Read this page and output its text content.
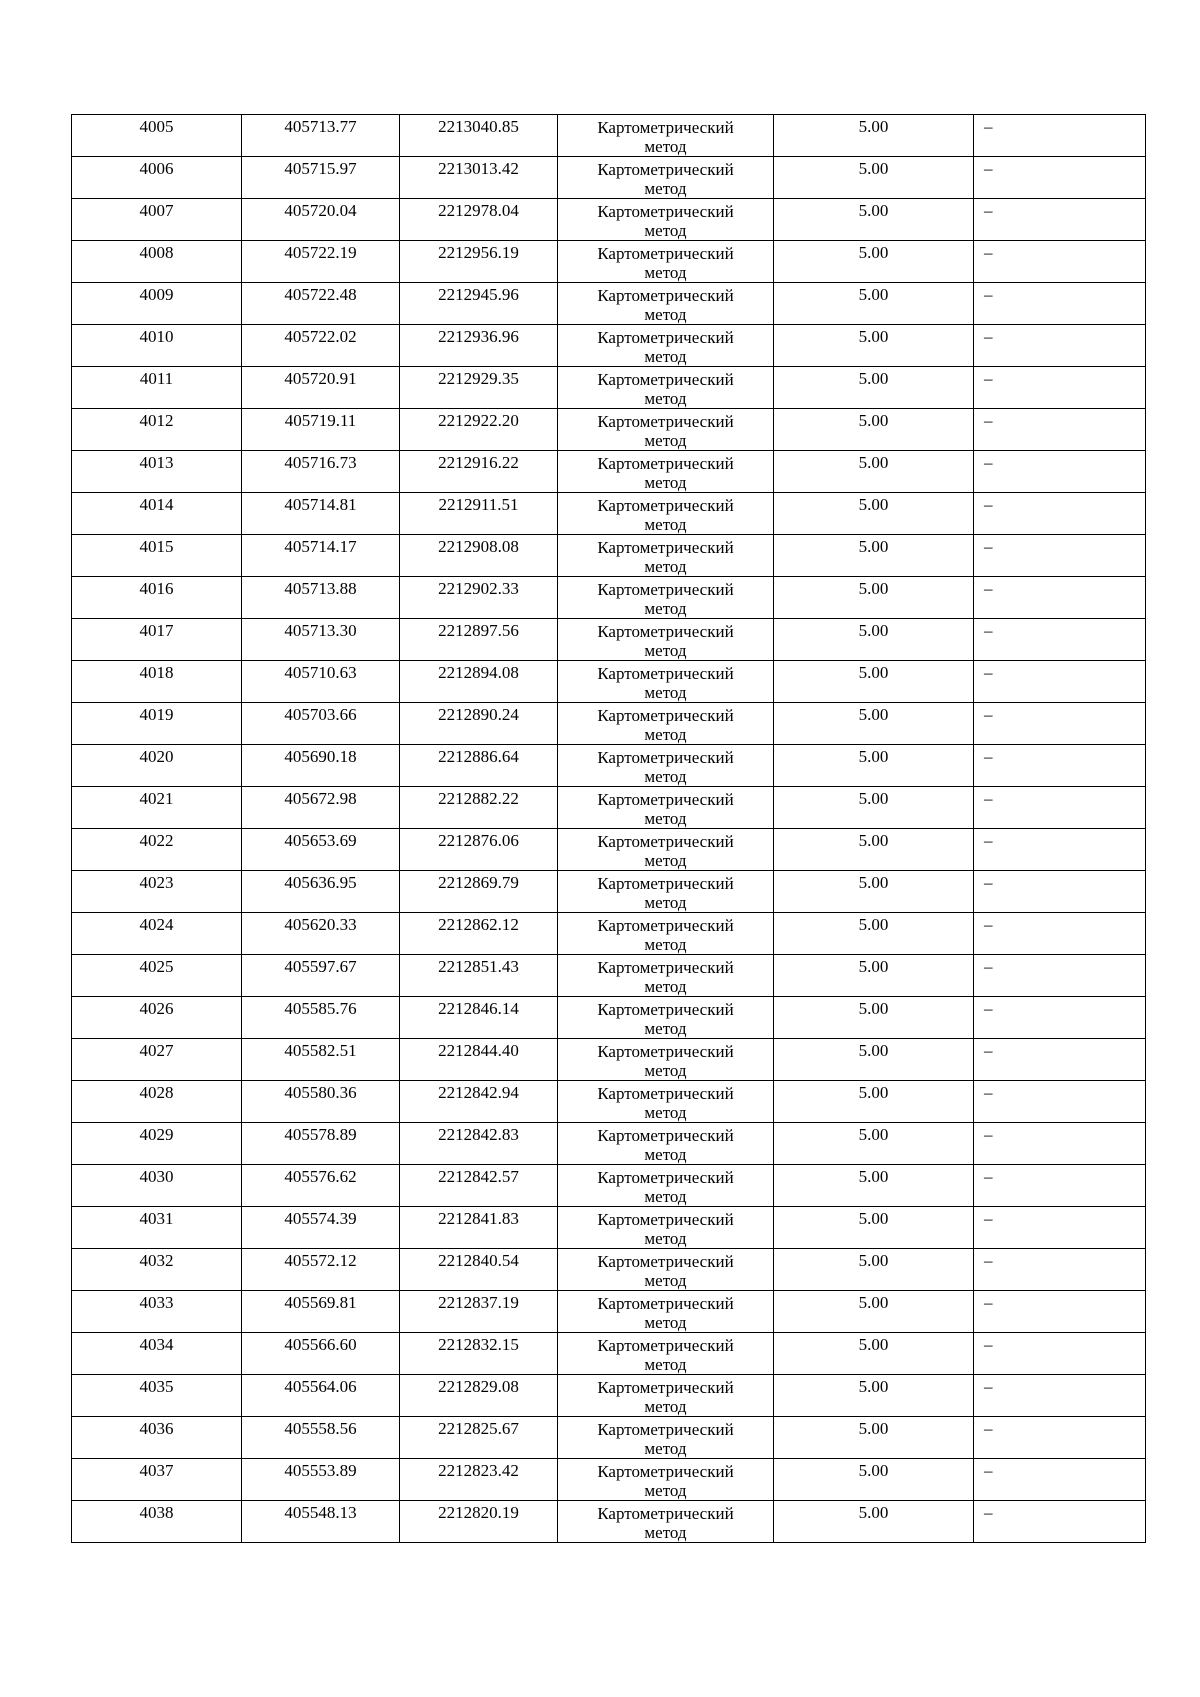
4005	405713.77	2213040.85	Картометрический
метод	5.00	–
4006	405715.97	2213013.42	Картометрический
метод	5.00	–
4007	405720.04	2212978.04	Картометрический
метод	5.00	–
4008	405722.19	2212956.19	Картометрический
метод	5.00	–
4009	405722.48	2212945.96	Картометрический
метод	5.00	–
4010	405722.02	2212936.96	Картометрический
метод	5.00	–
4011	405720.91	2212929.35	Картометрический
метод	5.00	–
4012	405719.11	2212922.20	Картометрический
метод	5.00	–
4013	405716.73	2212916.22	Картометрический
метод	5.00	–
4014	405714.81	2212911.51	Картометрический
метод	5.00	–
4015	405714.17	2212908.08	Картометрический
метод	5.00	–
4016	405713.88	2212902.33	Картометрический
метод	5.00	–
4017	405713.30	2212897.56	Картометрический
метод	5.00	–
4018	405710.63	2212894.08	Картометрический
метод	5.00	–
4019	405703.66	2212890.24	Картометрический
метод	5.00	–
4020	405690.18	2212886.64	Картометрический
метод	5.00	–
4021	405672.98	2212882.22	Картометрический
метод	5.00	–
4022	405653.69	2212876.06	Картометрический
метод	5.00	–
4023	405636.95	2212869.79	Картометрический
метод	5.00	–
4024	405620.33	2212862.12	Картометрический
метод	5.00	–
4025	405597.67	2212851.43	Картометрический
метод	5.00	–
4026	405585.76	2212846.14	Картометрический
метод	5.00	–
4027	405582.51	2212844.40	Картометрический
метод	5.00	–
4028	405580.36	2212842.94	Картометрический
метод	5.00	–
4029	405578.89	2212842.83	Картометрический
метод	5.00	–
4030	405576.62	2212842.57	Картометрический
метод	5.00	–
4031	405574.39	2212841.83	Картометрический
метод	5.00	–
4032	405572.12	2212840.54	Картометрический
метод	5.00	–
4033	405569.81	2212837.19	Картометрический
метод	5.00	–
4034	405566.60	2212832.15	Картометрический
метод	5.00	–
4035	405564.06	2212829.08	Картометрический
метод	5.00	–
4036	405558.56	2212825.67	Картометрический
метод	5.00	–
4037	405553.89	2212823.42	Картометрический
метод	5.00	–
4038	405548.13	2212820.19	Картометрический
метод	5.00	–
